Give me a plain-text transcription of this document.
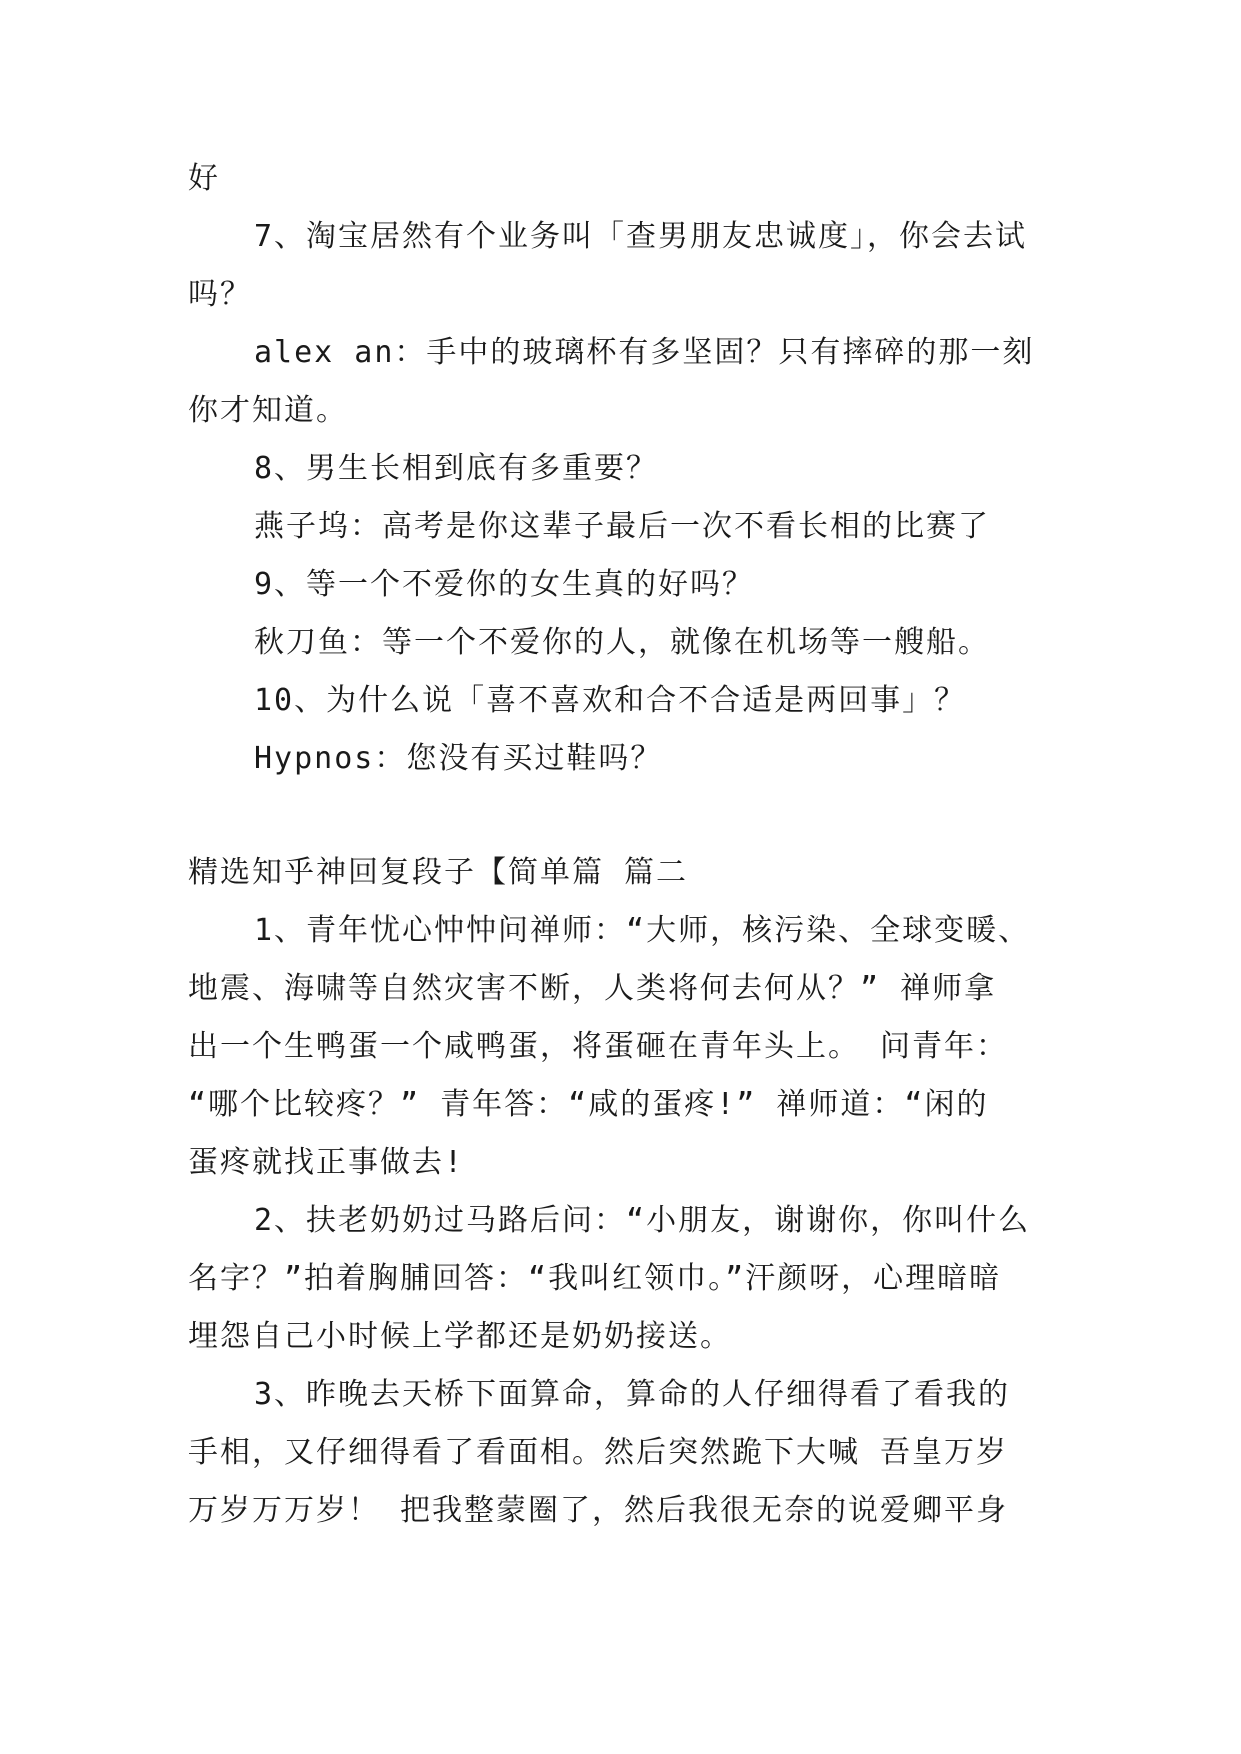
好
7、淘宝居然有个业务叫「查男朋友忠诚度」，你会去试
吗？
alex an：手中的玻璃杯有多坚固？只有摔碎的那一刻
你才知道。
8、男生长相到底有多重要？
燕子坞：高考是你这辈子最后一次不看长相的比赛了
9、等一个不爱你的女生真的好吗？
秋刀鱼：等一个不爱你的人，就像在机场等一艘船。
10、为什么说「喜不喜欢和合不合适是两回事」？
Hypnos：您没有买过鞋吗？
精选知乎神回复段子【简单篇 篇二
1、青年忧心忡忡问禅师：“大师，核污染、全球变暖、
地震、海啸等自然灾害不断，人类将何去何从？” 禅师拿
出一个生鸭蛋一个咸鸭蛋，将蛋砸在青年头上。 问青年：
“哪个比较疼？” 青年答：“咸的蛋疼!” 禅师道：“闲的
蛋疼就找正事做去!
2、扶老奶奶过马路后问：“小朋友，谢谢你，你叫什么
名字？”拍着胸脯回答：“我叫红领巾。”汗颜呀，心理暗暗
埋怨自己小时候上学都还是奶奶接送。
3、昨晚去天桥下面算命，算命的人仔细得看了看我的
手相，又仔细得看了看面相。然后突然跪下大喊 吾皇万岁
万岁万万岁！ 把我整蒙圈了，然后我很无奈的说爱卿平身
